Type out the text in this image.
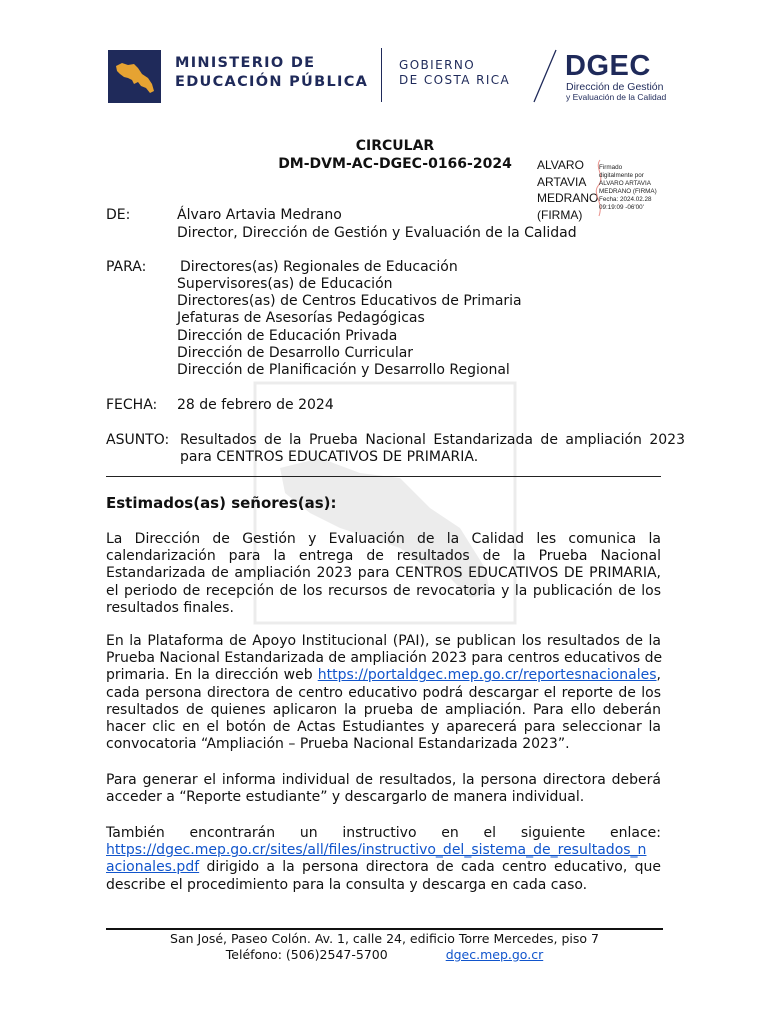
MINISTERIO DE
EDUCACIÓN PÚBLICA
GOBIERNO
DE COSTA RICA DGEC
Dirección de Gestión
y Evaluación de la Calidad
CIRCULAR
DM-DVM-AC-DGEC-0166-2024	ALVARO
ARTAVIA
MEDRANO
(FIRMA)
Firmado
digitalmente por
ALVARO ARTAVIA
MEDRANO (FIRMA)
Fecha: 2024.02.28
09:19:09 -06'00'
DE:	Álvaro Artavia Medrano
Director, Dirección de Gestión y Evaluación de la Calidad
PARA: Directores(as) Regionales de Educación
Supervisores(as) de Educación
Directores(as) de Centros Educativos de Primaria
Jefaturas de Asesorías Pedagógicas
Dirección de Educación Privada
Dirección de Desarrollo Curricular
Dirección de Planificación y Desarrollo Regional
FECHA: 28 de febrero de 2024
ASUNTO: Resultados de la Prueba Nacional Estandarizada de ampliación 2023
para CENTROS EDUCATIVOS DE PRIMARIA.
Estimados(as) señores(as):
La Dirección de Gestión y Evaluación de la Calidad les comunica la
calendarización para la entrega de resultados de la Prueba Nacional
Estandarizada de ampliación 2023 para CENTROS EDUCATIVOS DE PRIMARIA,
el periodo de recepción de los recursos de revocatoria y la publicación de los
resultados finales.
En la Plataforma de Apoyo Institucional (PAI), se publican los resultados de la
Prueba Nacional Estandarizada de ampliación 2023 para centros educativos de
primaria. En la dirección web https://portaldgec.mep.go.cr/reportesnacionales,
cada persona directora de centro educativo podrá descargar el reporte de los
resultados de quienes aplicaron la prueba de ampliación. Para ello deberán
hacer clic en el botón de Actas Estudiantes y aparecerá para seleccionar la
convocatoria “Ampliación – Prueba Nacional Estandarizada 2023”.
Para generar el informa individual de resultados, la persona directora deberá
acceder a “Reporte estudiante” y descargarlo de manera individual.
También encontrarán un instructivo en el siguiente enlace:
https://dgec.mep.go.cr/sites/all/files/instructivo_del_sistema_de_resultados_n
acionales.pdf dirigido a la persona directora de cada centro educativo, que
describe el procedimiento para la consulta y descarga en cada caso.
San José, Paseo Colón. Av. 1, calle 24, edificio Torre Mercedes, piso 7
Teléfono: (506)2547-5700	dgec.mep.go.cr
